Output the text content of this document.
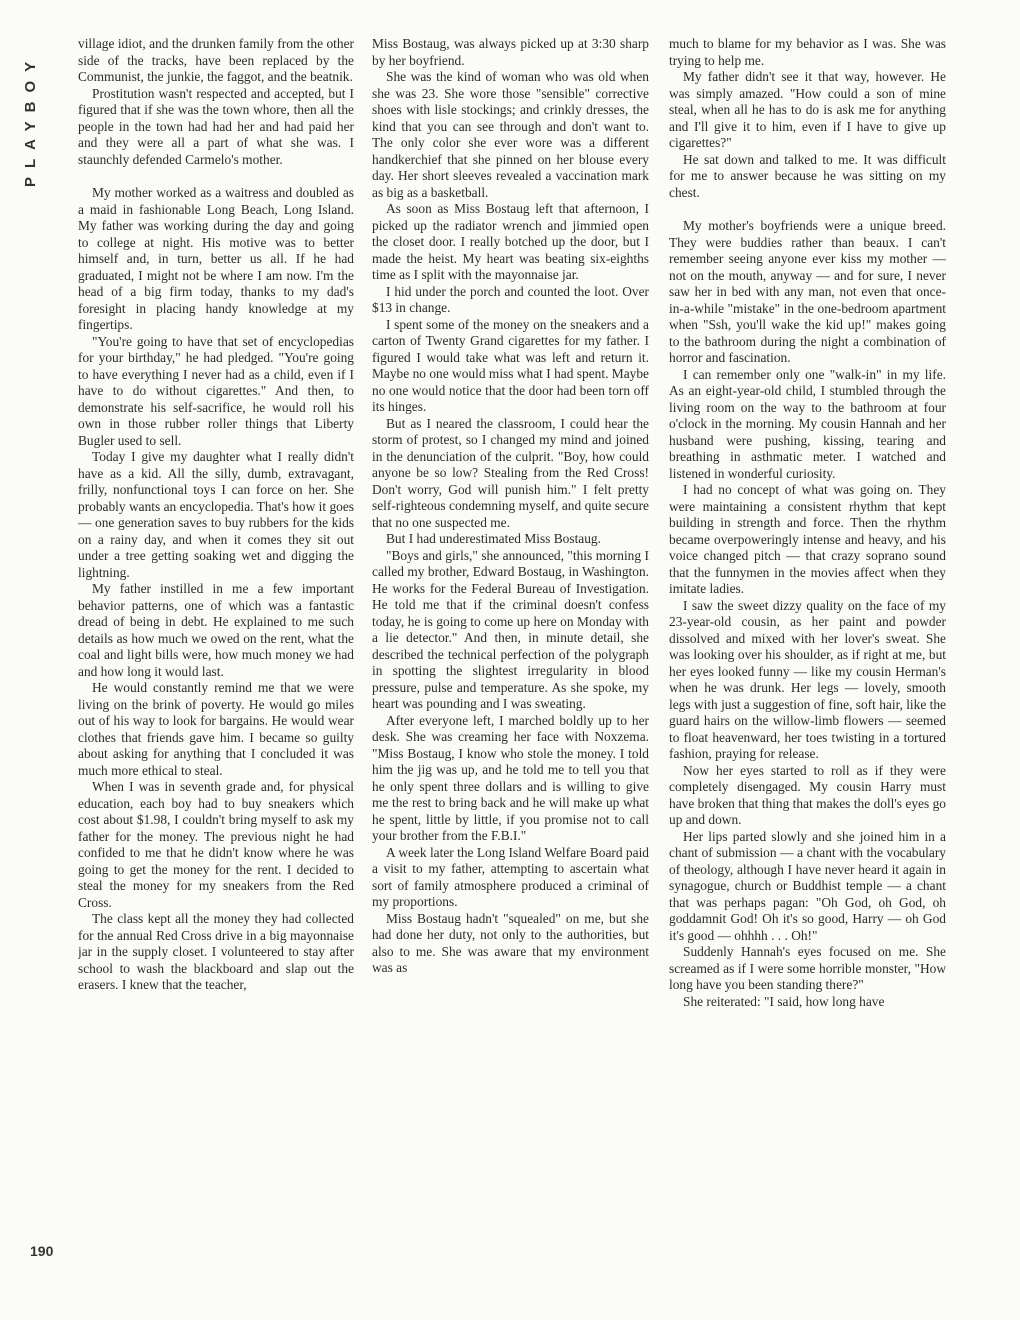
PLAYBOY

village idiot, and the drunken family from the other side of the tracks, have been replaced by the Communist, the junkie, the faggot, and the beatnik.

Prostitution wasn't respected and accepted, but I figured that if she was the town whore, then all the people in the town had had her and had paid her and they were all a part of what she was. I staunchly defended Carmelo's mother.

My mother worked as a waitress and doubled as a maid in fashionable Long Beach, Long Island. My father was working during the day and going to college at night. His motive was to better himself and, in turn, better us all. If he had graduated, I might not be where I am now. I'm the head of a big firm today, thanks to my dad's foresight in placing handy knowledge at my fingertips.

"You're going to have that set of encyclopedias for your birthday," he had pledged. "You're going to have everything I never had as a child, even if I have to do without cigarettes." And then, to demonstrate his self-sacrifice, he would roll his own in those rubber roller things that Liberty Bugler used to sell.

Today I give my daughter what I really didn't have as a kid. All the silly, dumb, extravagant, frilly, nonfunctional toys I can force on her. She probably wants an encyclopedia. That's how it goes — one generation saves to buy rubbers for the kids on a rainy day, and when it comes they sit out under a tree getting soaking wet and digging the lightning.

My father instilled in me a few important behavior patterns, one of which was a fantastic dread of being in debt. He explained to me such details as how much we owed on the rent, what the coal and light bills were, how much money we had and how long it would last.

He would constantly remind me that we were living on the brink of poverty. He would go miles out of his way to look for bargains. He would wear clothes that friends gave him. I became so guilty about asking for anything that I concluded it was much more ethical to steal.

When I was in seventh grade and, for physical education, each boy had to buy sneakers which cost about $1.98, I couldn't bring myself to ask my father for the money. The previous night he had confided to me that he didn't know where he was going to get the money for the rent. I decided to steal the money for my sneakers from the Red Cross.

The class kept all the money they had collected for the annual Red Cross drive in a big mayonnaise jar in the supply closet. I volunteered to stay after school to wash the blackboard and slap out the erasers. I knew that the teacher,

Miss Bostaug, was always picked up at 3:30 sharp by her boyfriend.

She was the kind of woman who was old when she was 23. She wore those "sensible" corrective shoes with lisle stockings; and crinkly dresses, the kind that you can see through and don't want to. The only color she ever wore was a different handkerchief that she pinned on her blouse every day. Her short sleeves revealed a vaccination mark as big as a basketball.

As soon as Miss Bostaug left that afternoon, I picked up the radiator wrench and jimmied open the closet door. I really botched up the door, but I made the heist. My heart was beating six-eighths time as I split with the mayonnaise jar.

I hid under the porch and counted the loot. Over $13 in change.

I spent some of the money on the sneakers and a carton of Twenty Grand cigarettes for my father. I figured I would take what was left and return it. Maybe no one would miss what I had spent. Maybe no one would notice that the door had been torn off its hinges.

But as I neared the classroom, I could hear the storm of protest, so I changed my mind and joined in the denunciation of the culprit. "Boy, how could anyone be so low? Stealing from the Red Cross! Don't worry, God will punish him." I felt pretty self-righteous condemning myself, and quite secure that no one suspected me.

But I had underestimated Miss Bostaug.

"Boys and girls," she announced, "this morning I called my brother, Edward Bostaug, in Washington. He works for the Federal Bureau of Investigation. He told me that if the criminal doesn't confess today, he is going to come up here on Monday with a lie detector." And then, in minute detail, she described the technical perfection of the polygraph in spotting the slightest irregularity in blood pressure, pulse and temperature. As she spoke, my heart was pounding and I was sweating.

After everyone left, I marched boldly up to her desk. She was creaming her face with Noxzema. "Miss Bostaug, I know who stole the money. I told him the jig was up, and he told me to tell you that he only spent three dollars and is willing to give me the rest to bring back and he will make up what he spent, little by little, if you promise not to call your brother from the F.B.I."

A week later the Long Island Welfare Board paid a visit to my father, attempting to ascertain what sort of family atmosphere produced a criminal of my proportions.

Miss Bostaug hadn't "squealed" on me, but she had done her duty, not only to the authorities, but also to me. She was aware that my environment was as

much to blame for my behavior as I was. She was trying to help me.

My father didn't see it that way, however. He was simply amazed. "How could a son of mine steal, when all he has to do is ask me for anything and I'll give it to him, even if I have to give up cigarettes?"

He sat down and talked to me. It was difficult for me to answer because he was sitting on my chest.

My mother's boyfriends were a unique breed. They were buddies rather than beaux. I can't remember seeing anyone ever kiss my mother — not on the mouth, anyway — and for sure, I never saw her in bed with any man, not even that once-in-a-while "mistake" in the one-bedroom apartment when "Ssh, you'll wake the kid up!" makes going to the bathroom during the night a combination of horror and fascination.

I can remember only one "walk-in" in my life. As an eight-year-old child, I stumbled through the living room on the way to the bathroom at four o'clock in the morning. My cousin Hannah and her husband were pushing, kissing, tearing and breathing in asthmatic meter. I watched and listened in wonderful curiosity.

I had no concept of what was going on. They were maintaining a consistent rhythm that kept building in strength and force. Then the rhythm became overpoweringly intense and heavy, and his voice changed pitch — that crazy soprano sound that the funnymen in the movies affect when they imitate ladies.

I saw the sweet dizzy quality on the face of my 23-year-old cousin, as her paint and powder dissolved and mixed with her lover's sweat. She was looking over his shoulder, as if right at me, but her eyes looked funny — like my cousin Herman's when he was drunk. Her legs — lovely, smooth legs with just a suggestion of fine, soft hair, like the guard hairs on the willow-limb flowers — seemed to float heavenward, her toes twisting in a tortured fashion, praying for release.

Now her eyes started to roll as if they were completely disengaged. My cousin Harry must have broken that thing that makes the doll's eyes go up and down.

Her lips parted slowly and she joined him in a chant of submission — a chant with the vocabulary of theology, although I have never heard it again in synagogue, church or Buddhist temple — a chant that was perhaps pagan: "Oh God, oh God, oh goddamnit God! Oh it's so good, Harry — oh God it's good — ohhhh . . . Oh!"

Suddenly Hannah's eyes focused on me. She screamed as if I were some horrible monster, "How long have you been standing there?"

She reiterated: "I said, how long have

190
